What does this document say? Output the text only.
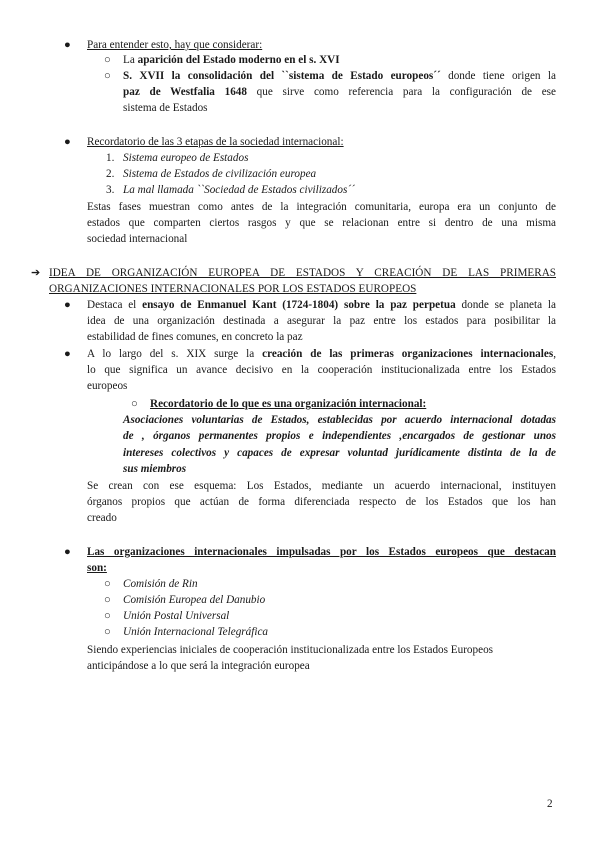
● Para entender esto, hay que considerar:
○ La aparición del Estado moderno en el s. XVI
○ S. XVII la consolidación del ``sistema de Estado europeos´´ donde tiene origen la
paz de Westfalia 1648 que sirve como referencia para la configuración de ese
sistema de Estados
● Recordatorio de las 3 etapas de la sociedad internacional:
1. Sistema europeo de Estados
2. Sistema de Estados de civilización europea
3. La mal llamada ``Sociedad de Estados civilizados´´
Estas fases muestran como antes de la integración comunitaria, europa era un conjunto de
estados que comparten ciertos rasgos y que se relacionan entre si dentro de una misma
sociedad internacional
➔ IDEA DE ORGANIZACIÓN EUROPEA DE ESTADOS Y CREACIÓN DE LAS PRIMERAS
ORGANIZACIONES INTERNACIONALES POR LOS ESTADOS EUROPEOS
● Destaca el ensayo de Enmanuel Kant (1724-1804) sobre la paz perpetua donde se planeta la
idea de una organización destinada a asegurar la paz entre los estados para posibilitar la
estabilidad de fines comunes, en concreto la paz
● A lo largo del s. XIX surge la creación de las primeras organizaciones internacionales,
lo que significa un avance decisivo en la cooperación institucionalizada entre los Estados
europeos
○ Recordatorio de lo que es una organización internacional:
Asociaciones voluntarias de Estados, establecidas por acuerdo internacional dotadas
de , órganos permanentes propios e independientes ,encargados de gestionar unos
intereses colectivos y capaces de expresar voluntad jurídicamente distinta de la de
sus miembros
Se crean con ese esquema: Los Estados, mediante un acuerdo internacional, instituyen
órganos propios que actúan de forma diferenciada respecto de los Estados que los han
creado
● Las organizaciones internacionales impulsadas por los Estados europeos que destacan
son:
○ Comisión de Rin
○ Comisión Europea del Danubio
○ Unión Postal Universal
○ Unión Internacional Telegráfica
Siendo experiencias iniciales de cooperación institucionalizada entre los Estados Europeos
anticipándose a lo que será la integración europea
2
